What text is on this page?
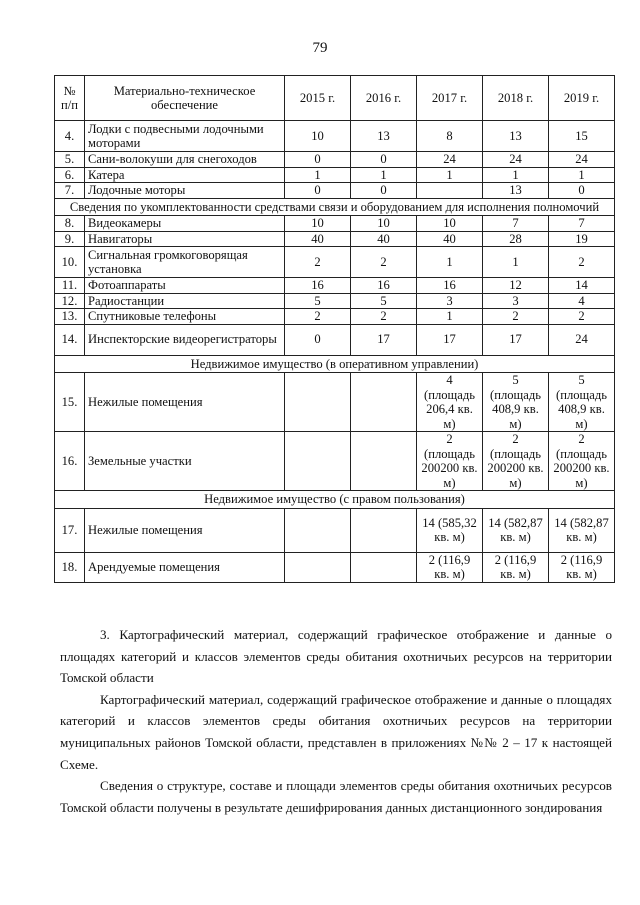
79
№ п/п	Материально-техническое обеспечение	2015 г.	2016 г.	2017 г.	2018 г.	2019 г.
4.	Лодки с подвесными лодочными моторами	10	13	8	13	15
5.	Сани-волокуши для снегоходов	0	0	24	24	24
6.	Катера	1	1	1	1	1
7.	Лодочные моторы	0	0		13	0
Сведения по укомплектованности средствами связи и оборудованием для исполнения полномочий						
8.	Видеокамеры	10	10	10	7	7
9.	Навигаторы	40	40	40	28	19
10.	Сигнальная громкоговорящая установка	2	2	1	1	2
11.	Фотоаппараты	16	16	16	12	14
12.	Радиостанции	5	5	3	3	4
13.	Спутниковые телефоны	2	2	1	2	2
14.	Инспекторские видеорегистраторы	0	17	17	17	24
Недвижимое имущество (в оперативном управлении)						
15.	Нежилые помещения			4 (площадь 206,4 кв. м)	5 (площадь 408,9 кв. м)	5 (площадь 408,9 кв. м)
16.	Земельные участки			2 (площадь 200200 кв. м)	2 (площадь 200200 кв. м)	2 (площадь 200200 кв. м)
Недвижимое имущество (с правом пользования)						
17.	Нежилые помещения			14 (585,32 кв. м)	14 (582,87 кв. м)	14 (582,87 кв. м)
18.	Арендуемые помещения			2 (116,9 кв. м)	2 (116,9 кв. м)	2 (116,9 кв. м)

3. Картографический материал, содержащий графическое отображение и данные о площадях категорий и классов элементов среды обитания охотничьих ресурсов на территории Томской области

Картографический материал, содержащий графическое отображение и данные о площадях категорий и классов элементов среды обитания охотничьих ресурсов на территории муниципальных районов Томской области, представлен в приложениях №№ 2 – 17 к настоящей Схеме.

Сведения о структуре, составе и площади элементов среды обитания охотничьих ресурсов Томской области получены в результате дешифрирования данных дистанционного зондирования
